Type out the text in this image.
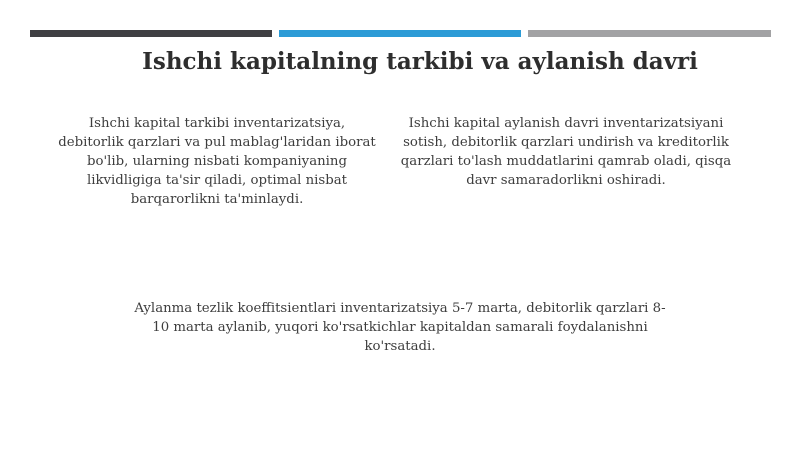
Ishchi kapitalning tarkibi va aylanish davri

Ishchi kapital tarkibi inventarizatsiya, debitorlik qarzlari va pul mablag'laridan iborat bo'lib, ularning nisbati kompaniyaning likvidligiga ta'sir qiladi, optimal nisbat barqarorlikni ta'minlaydi.

Ishchi kapital aylanish davri inventarizatsiyani sotish, debitorlik qarzlari undirish va kreditorlik qarzlari to'lash muddatlarini qamrab oladi, qisqa davr samaradorlikni oshiradi.

Aylanma tezlik koeffitsientlari inventarizatsiya 5-7 marta, debitorlik qarzlari 8-10 marta aylanib, yuqori ko'rsatkichlar kapitaldan samarali foydalanishni ko'rsatadi.
